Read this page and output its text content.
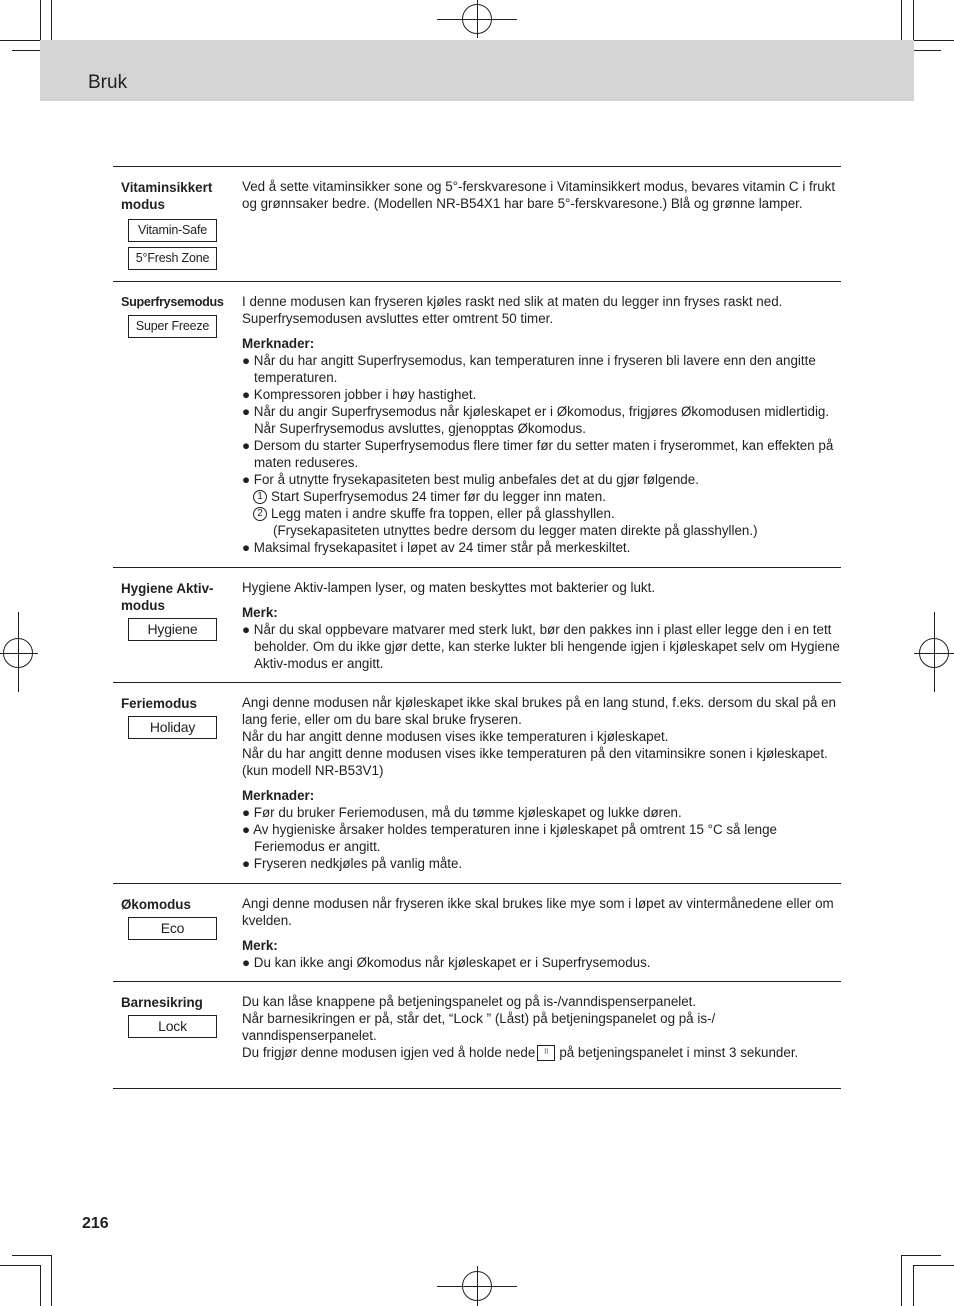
Bruk
Vitaminsikkert modus
Vitamin-Safe
5°Fresh Zone

Ved å sette vitaminsikker sone og 5°-ferskvaresone i Vitaminsikkert modus, bevares vitamin C i frukt og grønnsaker bedre. (Modellen NR-B54X1 har bare 5°-ferskvaresone.) Blå og grønne lamper.

Superfrysemodus
Super Freeze

I denne modusen kan fryseren kjøles raskt ned slik at maten du legger inn fryses raskt ned. Superfrysemodusen avsluttes etter omtrent 50 timer.

Merknader:
● Når du har angitt Superfrysemodus, kan temperaturen inne i fryseren bli lavere enn den angitte temperaturen.
● Kompressoren jobber i høy hastighet.
● Når du angir Superfrysemodus når kjøleskapet er i Økomodus, frigjøres Økomodusen midlertidig. Når Superfrysemodus avsluttes, gjenopptas Økomodus.
● Dersom du starter Superfrysemodus flere timer før du setter maten i fryserommet, kan effekten på maten reduseres.
● For å utnytte frysekapasiteten best mulig anbefales det at du gjør følgende.
1 Start Superfrysemodus 24 timer før du legger inn maten.
2 Legg maten i andre skuffe fra toppen, eller på glasshyllen.
(Frysekapasiteten utnyttes bedre dersom du legger maten direkte på glasshyllen.)
● Maksimal frysekapasitet i løpet av 24 timer står på merkeskiltet.
Hygiene Aktiv-modus
Hygiene

Hygiene Aktiv-lampen lyser, og maten beskyttes mot bakterier og lukt.

Merk:
● Når du skal oppbevare matvarer med sterk lukt, bør den pakkes inn i plast eller legge den i en tett beholder. Om du ikke gjør dette, kan sterke lukter bli hengende igjen i kjøleskapet selv om Hygiene Aktiv-modus er angitt.
Feriemodus
Holiday

Angi denne modusen når kjøleskapet ikke skal brukes på en lang stund, f.eks. dersom du skal på en lang ferie, eller om du bare skal bruke fryseren.

Når du har angitt denne modusen vises ikke temperaturen i kjøleskapet.

Når du har angitt denne modusen vises ikke temperaturen på den vitaminsikre sonen i kjøleskapet. (kun modell NR-B53V1)

Merknader:
● Før du bruker Feriemodusen, må du tømme kjøleskapet og lukke døren.
● Av hygieniske årsaker holdes temperaturen inne i kjøleskapet på omtrent 15 °C så lenge Feriemodus er angitt.
● Fryseren nedkjøles på vanlig måte.
Økomodus
Eco

Angi denne modusen når fryseren ikke skal brukes like mye som i løpet av vintermånedene eller om kvelden.

Merk:
● Du kan ikke angi Økomodus når kjøleskapet er i Superfrysemodus.
Barnesikring
Lock

Du kan låse knappene på betjeningspanelet og på is-/vanndispenserpanelet.

Når barnesikringen er på, står det, “Lock ” (Låst) på betjeningspanelet og på is-/ vanndispenserpanelet.

Du frigjør denne modusen igjen ved å holde nede ⠿ på betjeningspanelet i minst 3 sekunder.

216
